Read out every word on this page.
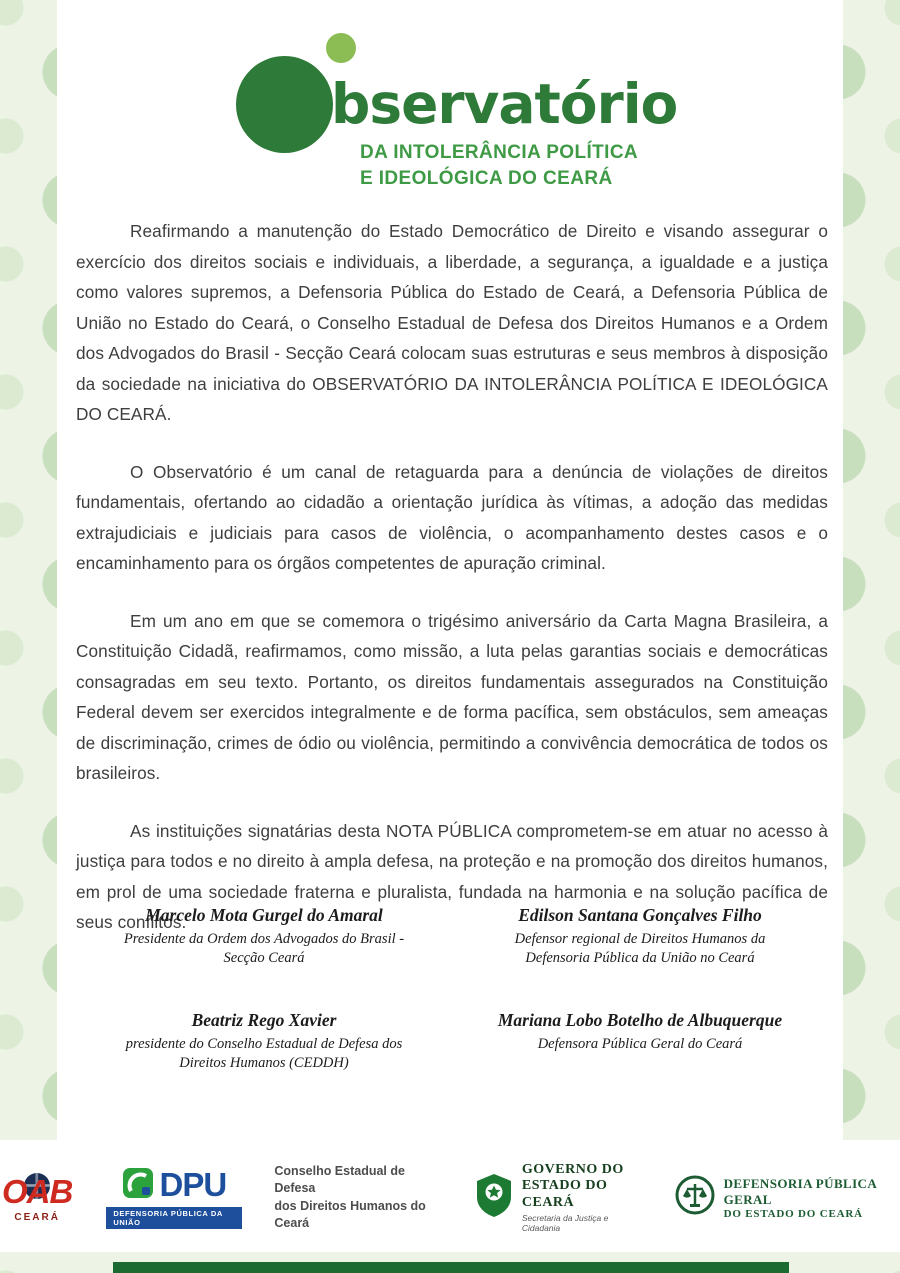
bservatório
DA INTOLERÂNCIA POLÍTICA
E IDEOLÓGICA DO CEARÁ

Reafirmando a manutenção do Estado Democrático de Direito e visando assegurar o exercício dos direitos sociais e individuais, a liberdade, a segurança, a igualdade e a justiça como valores supremos, a Defensoria Pública do Estado de Ceará, a Defensoria Pública de União no Estado do Ceará, o Conselho Estadual de Defesa dos Direitos Humanos e a Ordem dos Advogados do Brasil - Secção Ceará colocam suas estruturas e seus membros à disposição da sociedade na iniciativa do OBSERVATÓRIO DA INTOLERÂNCIA POLÍTICA E IDEOLÓGICA DO CEARÁ.

O Observatório é um canal de retaguarda para a denúncia de violações de direitos fundamentais, ofertando ao cidadão a orientação jurídica às vítimas, a adoção das medidas extrajudiciais e judiciais para casos de violência, o acompanhamento destes casos e o encaminhamento para os órgãos competentes de apuração criminal.

Em um ano em que se comemora o trigésimo aniversário da Carta Magna Brasileira, a Constituição Cidadã, reafirmamos, como missão, a luta pelas garantias sociais e democráticas consagradas em seu texto. Portanto, os direitos fundamentais assegurados na Constituição Federal devem ser exercidos integralmente e de forma pacífica, sem obstáculos, sem ameaças de discriminação, crimes de ódio ou violência, permitindo a convivência democrática de todos os brasileiros.

As instituições signatárias desta NOTA PÚBLICA comprometem-se em atuar no acesso à justiça para todos e no direito à ampla defesa, na proteção e na promoção dos direitos humanos, em prol de uma sociedade fraterna e pluralista, fundada na harmonia e na solução pacífica de seus conflitos.

Marcelo Mota Gurgel do Amaral
Presidente da Ordem dos Advogados do Brasil - Secção Ceará
Edilson Santana Gonçalves Filho
Defensor regional de Direitos Humanos da Defensoria Pública da União no Ceará
Beatriz Rego Xavier
presidente do Conselho Estadual de Defesa dos Direitos Humanos (CEDDH)
Mariana Lobo Botelho de Albuquerque
Defensora Pública Geral do Ceará
OAB
CEARÁ
DPU
DEFENSORIA PÚBLICA DA UNIÃO
Conselho Estadual de Defesa
dos Direitos Humanos do Ceará
GOVERNO DO
ESTADO DO CEARÁ
Secretaria da Justiça e Cidadania
DEFENSORIA PÚBLICA GERAL
DO ESTADO DO CEARÁ
